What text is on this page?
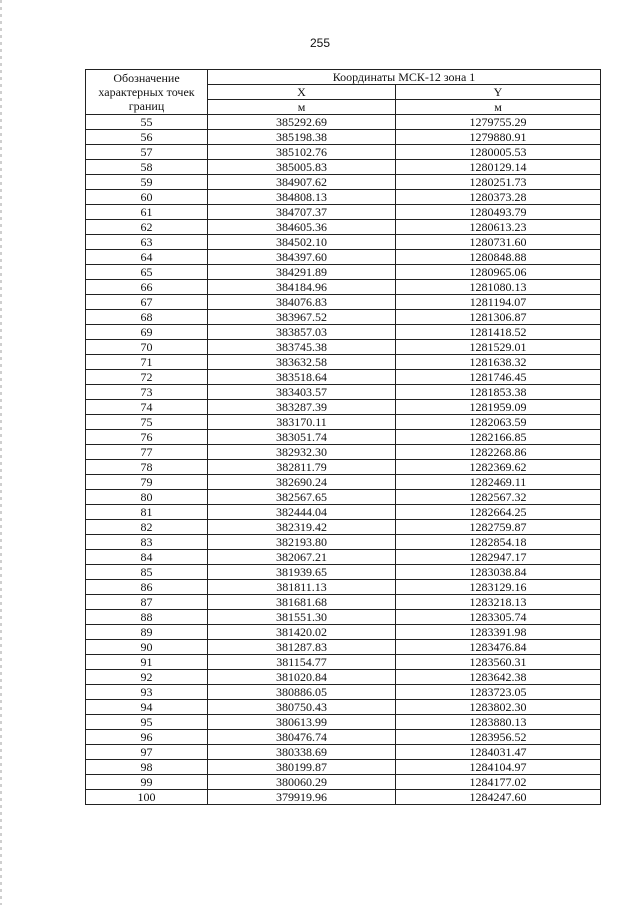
255
Обозначение характерных точек границ	Координаты МСК-12 зона 1	
	X	Y
	м	м
55	385292.69	1279755.29
56	385198.38	1279880.91
57	385102.76	1280005.53
58	385005.83	1280129.14
59	384907.62	1280251.73
60	384808.13	1280373.28
61	384707.37	1280493.79
62	384605.36	1280613.23
63	384502.10	1280731.60
64	384397.60	1280848.88
65	384291.89	1280965.06
66	384184.96	1281080.13
67	384076.83	1281194.07
68	383967.52	1281306.87
69	383857.03	1281418.52
70	383745.38	1281529.01
71	383632.58	1281638.32
72	383518.64	1281746.45
73	383403.57	1281853.38
74	383287.39	1281959.09
75	383170.11	1282063.59
76	383051.74	1282166.85
77	382932.30	1282268.86
78	382811.79	1282369.62
79	382690.24	1282469.11
80	382567.65	1282567.32
81	382444.04	1282664.25
82	382319.42	1282759.87
83	382193.80	1282854.18
84	382067.21	1282947.17
85	381939.65	1283038.84
86	381811.13	1283129.16
87	381681.68	1283218.13
88	381551.30	1283305.74
89	381420.02	1283391.98
90	381287.83	1283476.84
91	381154.77	1283560.31
92	381020.84	1283642.38
93	380886.05	1283723.05
94	380750.43	1283802.30
95	380613.99	1283880.13
96	380476.74	1283956.52
97	380338.69	1284031.47
98	380199.87	1284104.97
99	380060.29	1284177.02
100	379919.96	1284247.60
